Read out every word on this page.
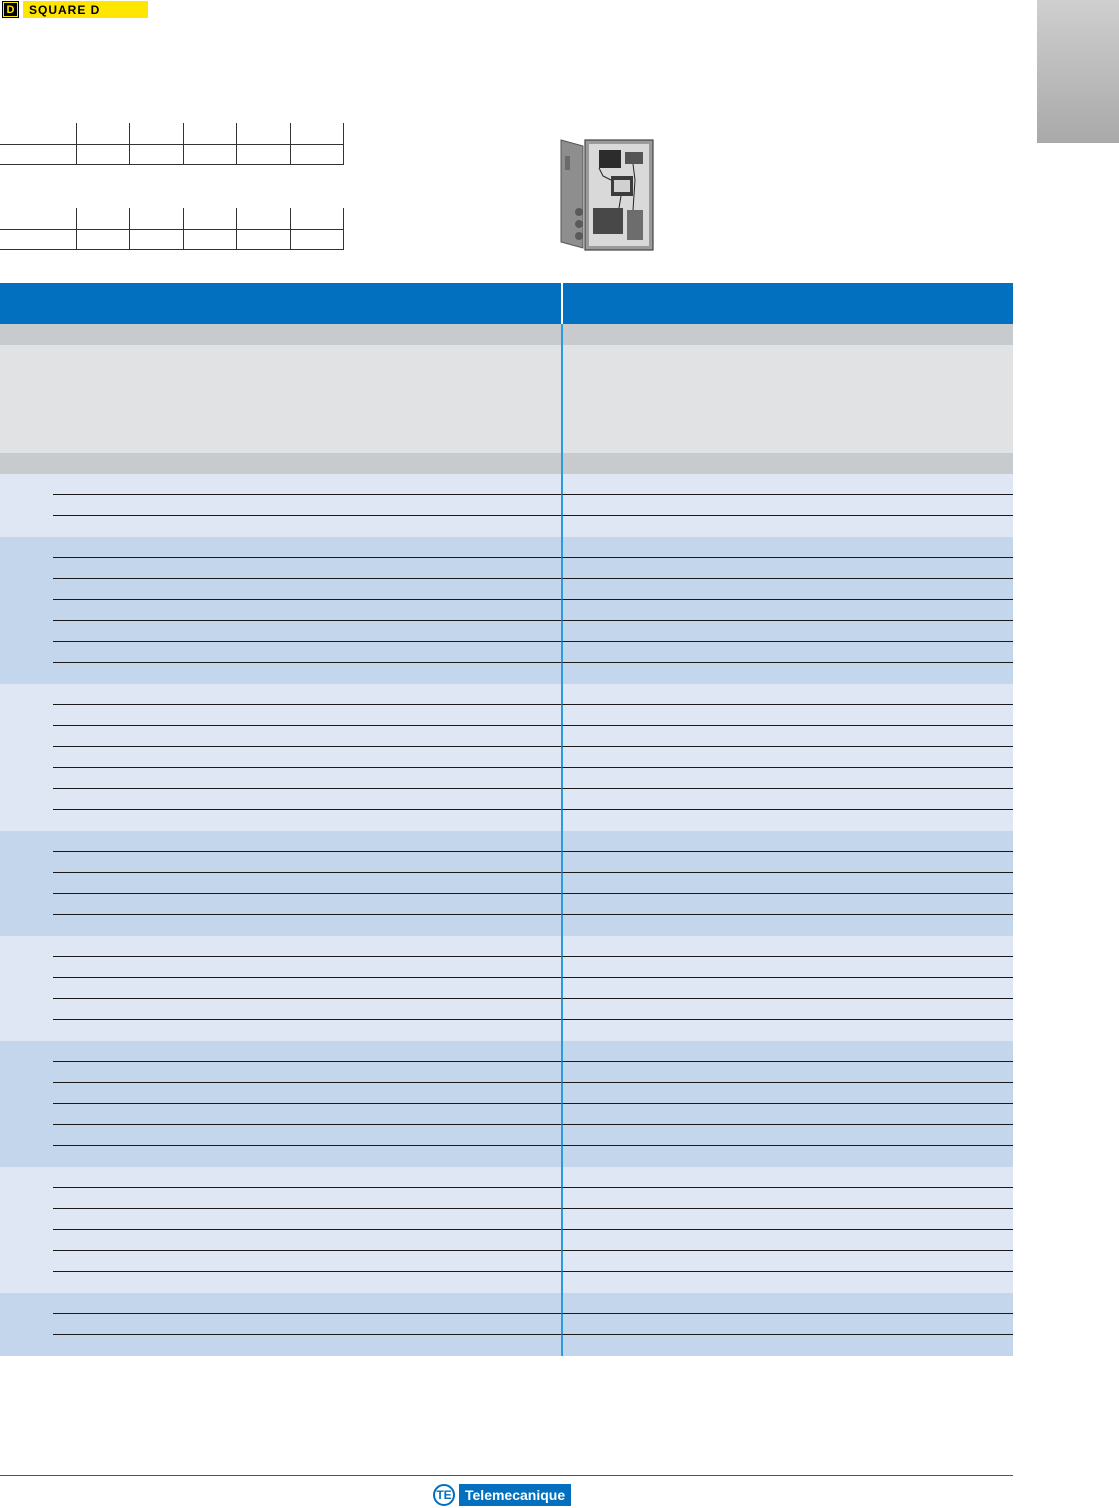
D	SQUARE D

TE Telemecanique
